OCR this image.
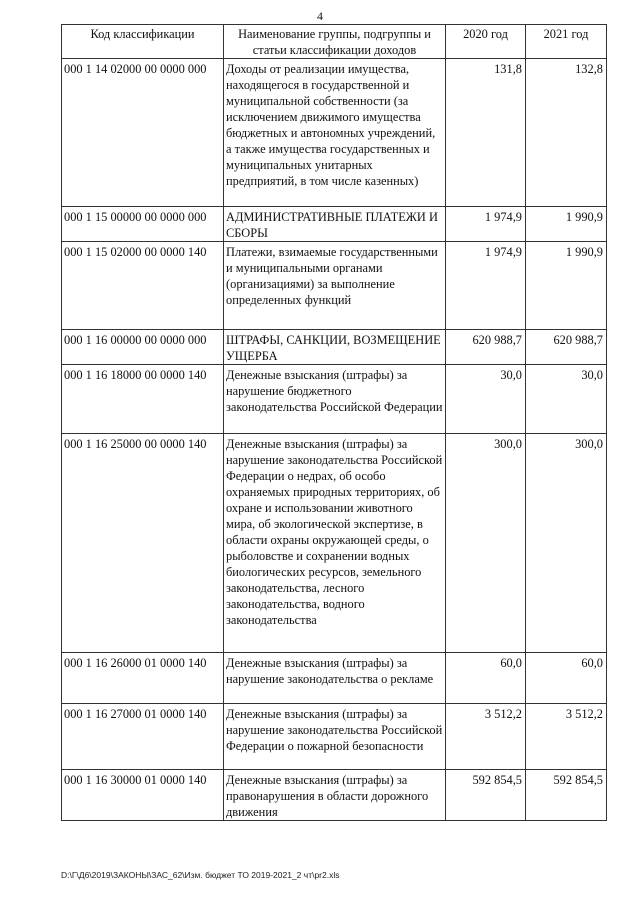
4
Код классификации	Наименование группы, подгруппы и статьи классификации доходов	2020 год	2021 год
000 1 14 02000 00 0000 000	Доходы от реализации имущества, находящегося в государственной и муниципальной собственности (за исключением движимого имущества бюджетных и автономных учреждений, а также имущества государственных и муниципальных унитарных предприятий, в том числе казенных)	131,8	132,8
000 1 15 00000 00 0000 000	АДМИНИСТРАТИВНЫЕ ПЛАТЕЖИ И СБОРЫ	1 974,9	1 990,9
000 1 15 02000 00 0000 140	Платежи, взимаемые государственными и муниципальными органами (организациями) за выполнение определенных функций	1 974,9	1 990,9
000 1 16 00000 00 0000 000	ШТРАФЫ, САНКЦИИ, ВОЗМЕЩЕНИЕ УЩЕРБА	620 988,7	620 988,7
000 1 16 18000 00 0000 140	Денежные взыскания (штрафы) за нарушение бюджетного законодательства Российской Федерации	30,0	30,0
000 1 16 25000 00 0000 140	Денежные взыскания (штрафы) за нарушение законодательства Российской Федерации о недрах, об особо охраняемых природных территориях, об охране и использовании животного мира, об экологической экспертизе, в области охраны окружающей среды, о рыболовстве и сохранении водных биологических ресурсов, земельного законодательства, лесного законодательства, водного законодательства	300,0	300,0
000 1 16 26000 01 0000 140	Денежные взыскания (штрафы) за нарушение законодательства о рекламе	60,0	60,0
000 1 16 27000 01 0000 140	Денежные взыскания (штрафы) за нарушение законодательства Российской Федерации о пожарной безопасности	3 512,2	3 512,2
000 1 16 30000 01 0000 140	Денежные взыскания (штрафы) за правонарушения в области дорожного движения	592 854,5	592 854,5
D:\Г\Д6\2019\ЗАКОНЫ\ЗАС_62\Изм. бюджет ТО 2019-2021_2 чт\pr2.xls
